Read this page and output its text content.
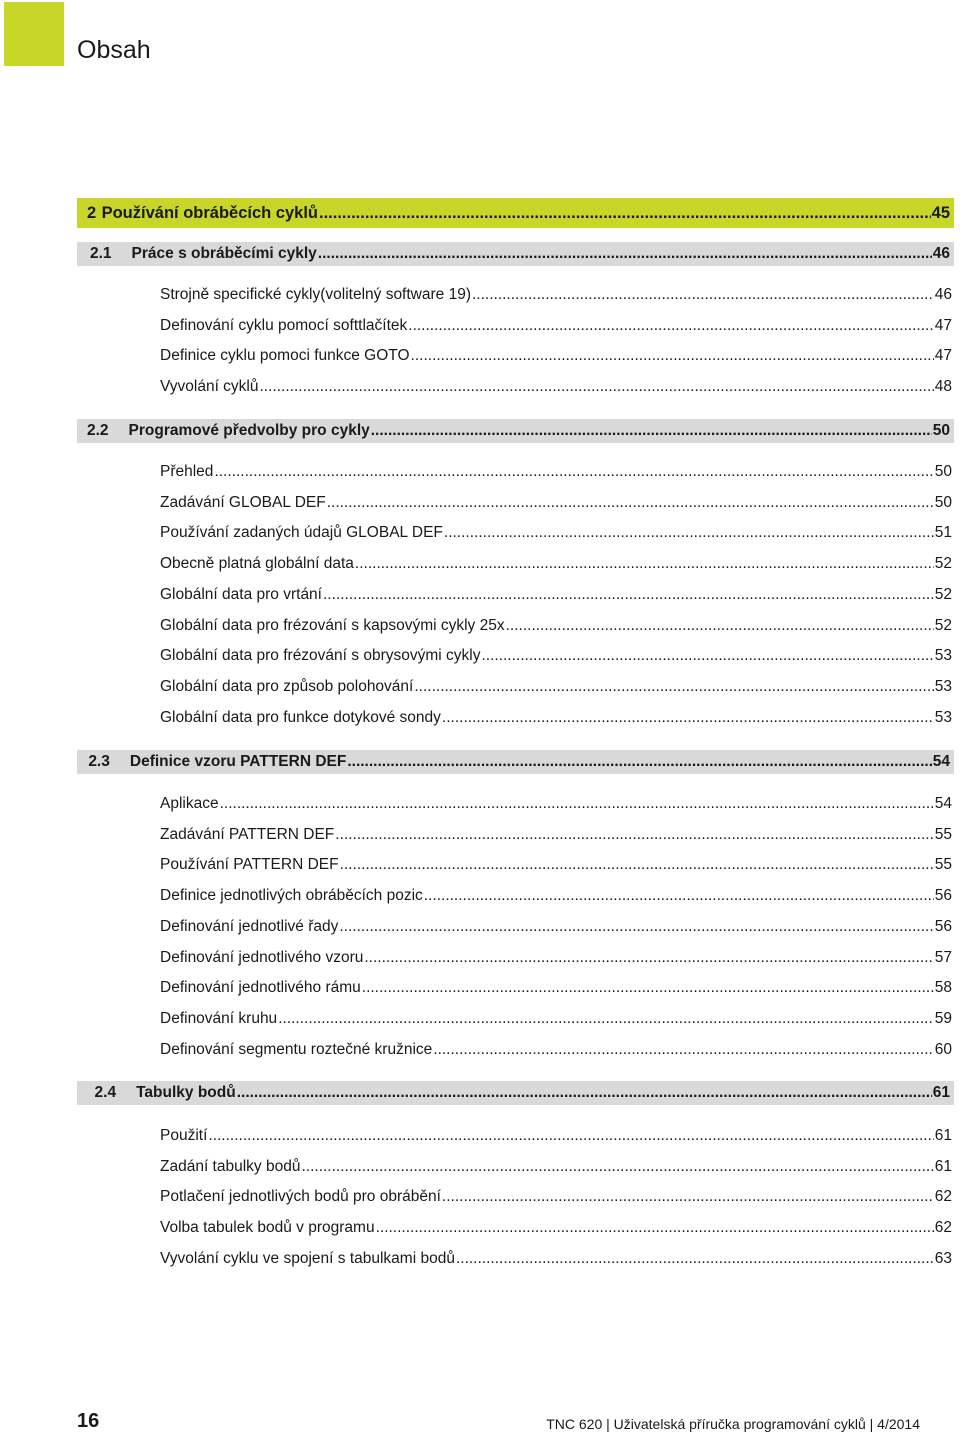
Obsah
2 Používání obráběcích cyklů .....	45
2.1	Práce s obráběcími cykly .....	46
Strojně specifické cykly(volitelný software 19) .....	46
Definování cyklu pomocí softtlačítek .....	47
Definice cyklu pomoci funkce GOTO .....	47
Vyvolání cyklů .....	48
2.2	Programové předvolby pro cykly .....	50
Přehled .....	50
Zadávání GLOBAL DEF .....	50
Používání zadaných údajů GLOBAL DEF .....	51
Obecně platná globální data .....	52
Globální data pro vrtání .....	52
Globální data pro frézování s kapsovými cykly 25x .....	52
Globální data pro frézování s obrysovými cykly .....	53
Globální data pro způsob polohování .....	53
Globální data pro funkce dotykové sondy .....	53
2.3	Definice vzoru PATTERN DEF .....	54
Aplikace .....	54
Zadávání PATTERN DEF .....	55
Používání PATTERN DEF .....	55
Definice jednotlivých obráběcích pozic .....	56
Definování jednotlivé řady .....	56
Definování jednotlivého vzoru .....	57
Definování jednotlivého rámu .....	58
Definování kruhu .....	59
Definování segmentu roztečné kružnice .....	60
2.4	Tabulky bodů .....	61
Použití .....	61
Zadání tabulky bodů .....	61
Potlačení jednotlivých bodů pro obrábění .....	62
Volba tabulek bodů v programu .....	62
Vyvolání cyklu ve spojení s tabulkami bodů .....	63
16	TNC 620 | Uživatelská příručka programování cyklů | 4/2014
